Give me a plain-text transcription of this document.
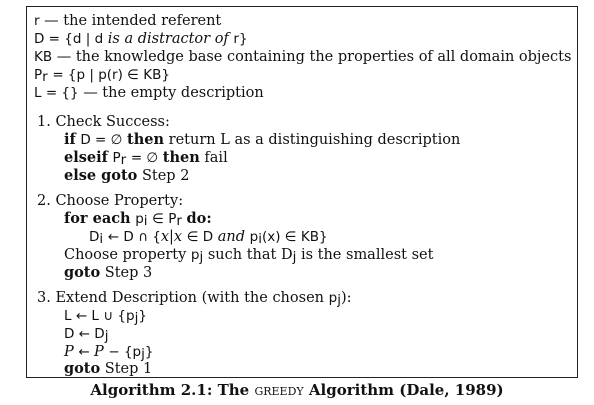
r — the intended referent
D = {d | d is a distractor of r}
KB — the knowledge base containing the properties of all domain objects
$P_r = \{p$ | p(r) ∈ KB}
L = {} — the empty description
1. Check Success:
if D = ∅ then return L as a distinguishing description
elseif $P_r$ = ∅ then fail
else goto Step 2
2. Choose Property:
for each $p_i$ ∈ $P_r$ do:
$D_i$ ← D ∩ {x|x ∈ D and $p_i(x)$ ∈ KB}
Choose property $p_j$ such that $D_j$ is the smallest set
goto Step 3
3. Extend Description (with the chosen $p_j$):
L ← L ∪ $\{p_j\}$
D ← $D_j$
P ← $P - \{p_j\}$
goto Step 1
Algorithm 2.1: The greedy Algorithm (Dale, 1989)
